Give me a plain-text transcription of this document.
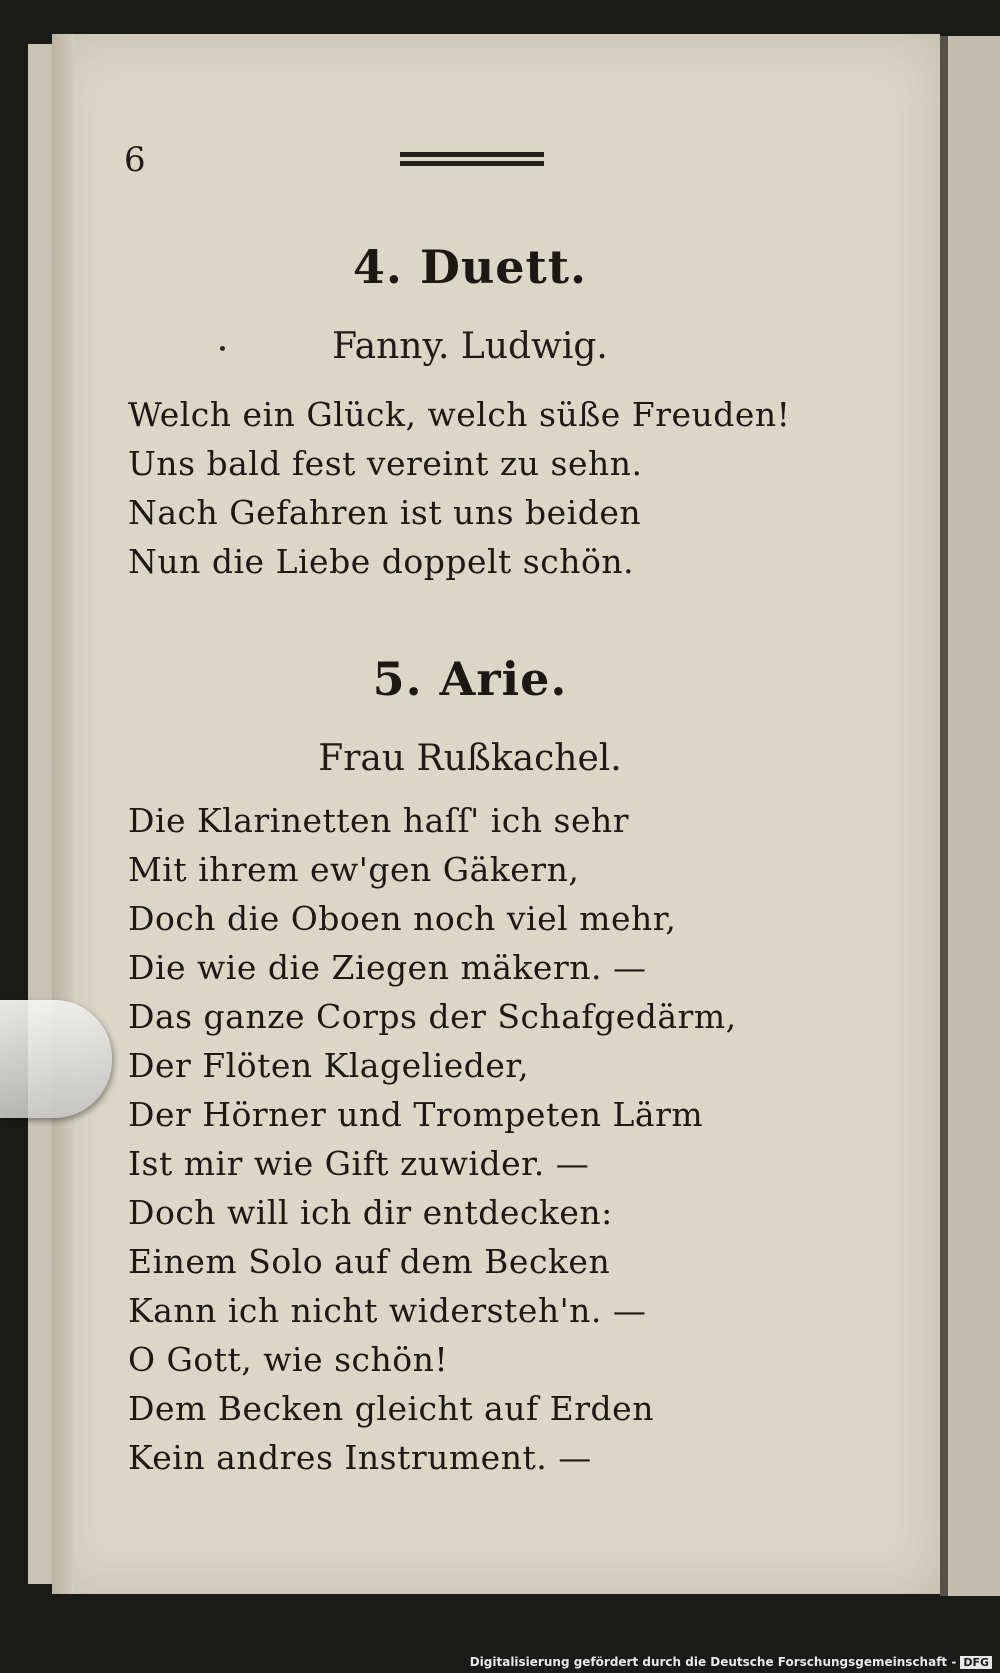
6
4. Duett.
Fanny. Ludwig.
Welch ein Glück, welch süße Freuden!
Uns bald fest vereint zu sehn.
Nach Gefahren ist uns beiden
Nun die Liebe doppelt schön.
5. Arie.
Frau Rußkachel.
Die Klarinetten haſſ' ich sehr
Mit ihrem ew'gen Gäkern,
Doch die Oboen noch viel mehr,
Die wie die Ziegen mäkern. —
Das ganze Corps der Schafgedärm,
Der Flöten Klagelieder,
Der Hörner und Trompeten Lärm
Ist mir wie Gift zuwider. —
Doch will ich dir entdecken:
Einem Solo auf dem Becken
Kann ich nicht widersteh'n. —
O Gott, wie schön!
Dem Becken gleicht auf Erden
Kein andres Instrument. —
Digitalisierung gefördert durch die Deutsche Forschungsgemeinschaft - DFG
